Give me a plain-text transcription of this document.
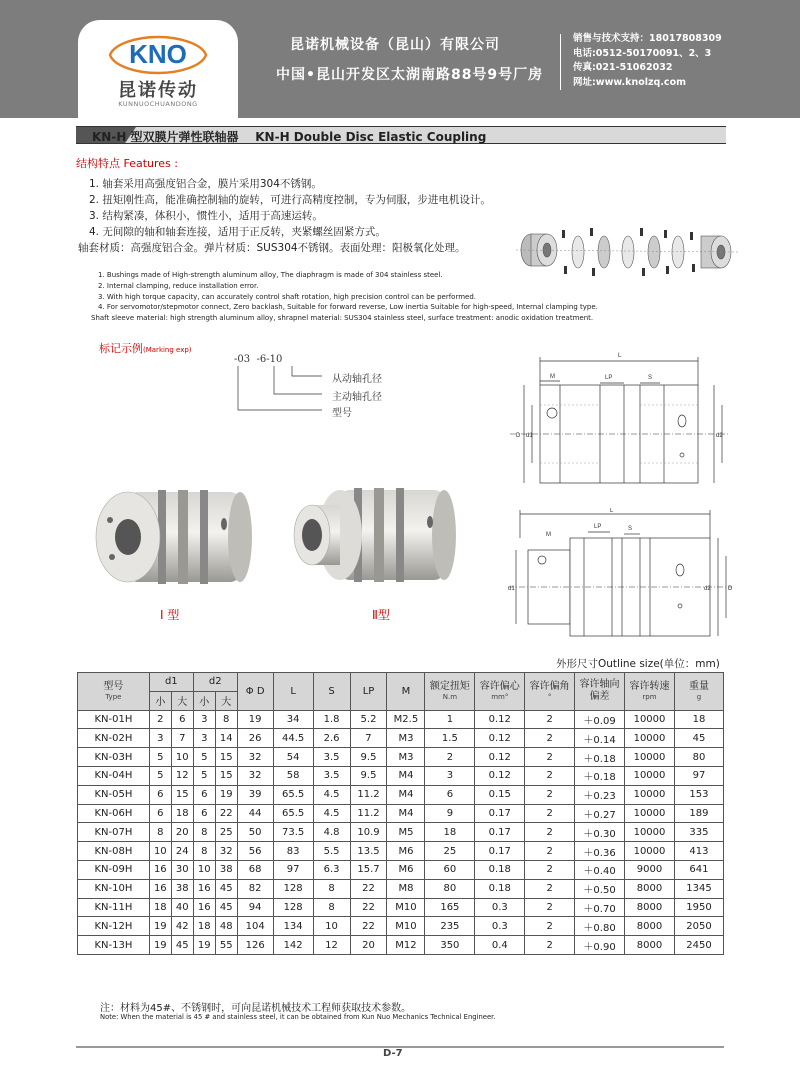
KNO
昆诺传动
KUNNUOCHUANDONG
昆诺机械设备（昆山）有限公司
中国•昆山开发区太湖南路88号9号厂房
销售与技术支持：18017808309
电话:0512-50170091、2、3
传真:021-51062032
网址:www.knolzq.com
KN-H 型双膜片弹性联轴器    KN-H Double Disc Elastic Coupling
结构特点 Features :
1. 轴套采用高强度铝合金，膜片采用304不锈钢。
2. 扭矩刚性高，能准确控制轴的旋转，可进行高精度控制，专为伺服，步进电机设计。
3. 结构紧凑，体积小，惯性小，适用于高速运转。
4. 无间隙的轴和轴套连接，适用于正反转，夹紧螺丝固紧方式。
轴套材质：高强度铝合金。弹片材质：SUS304不锈钢。表面处理：阳极氧化处理。
1. Bushings made of High-strength aluminum alloy, The diaphragm is made of 304 stainless steel.
2. Internal clamping, reduce installation error.
3. With high torque capacity, can accurately control shaft rotation, high precision control can be performed.
4. For servomotor/stepmotor connect, Zero backlash, Suitable for forward reverse, Low inertia Suitable for high-speed, Internal clamping type.
Shaft sleeve material: high strength aluminum alloy, shrapnel material: SUS304 stainless steel, surface treatment: anodic oxidation treatment.
标记示例(Marking exp)
-03  -6-10
从动轴孔径
主动轴孔径
型号
L
M	LP	S
D d1	d2
L
M
LP	S
d1	d2	D
Ⅰ 型	Ⅱ型
外形尺寸Outline size(单位：mm)
型号
Type	d1		d2		Φ D	L	S	LP	M	额定扭矩
N.m	容许偏心
mm°	容许偏角
°	容许轴向
偏差	容许转速
rpm	重量
g

	小	大	小	大											
KN-01H	2	6	3	8	19	34	1.8	5.2	M2.5	1	0.12	2	＋0.09	10000	18
KN-02H	3	7	3	14	26	44.5	2.6	7	M3	1.5	0.12	2	＋0.14	10000	45
KN-03H	5	10	5	15	32	54	3.5	9.5	M3	2	0.12	2	＋0.18	10000	80
KN-04H	5	12	5	15	32	58	3.5	9.5	M4	3	0.12	2	＋0.18	10000	97
KN-05H	6	15	6	19	39	65.5	4.5	11.2	M4	6	0.15	2	＋0.23	10000	153
KN-06H	6	18	6	22	44	65.5	4.5	11.2	M4	9	0.17	2	＋0.27	10000	189
KN-07H	8	20	8	25	50	73.5	4.8	10.9	M5	18	0.17	2	＋0.30	10000	335
KN-08H	10	24	8	32	56	83	5.5	13.5	M6	25	0.17	2	＋0.36	10000	413
KN-09H	16	30	10	38	68	97	6.3	15.7	M6	60	0.18	2	＋0.40	9000	641
KN-10H	16	38	16	45	82	128	8	22	M8	80	0.18	2	＋0.50	8000	1345
KN-11H	18	40	16	45	94	128	8	22	M10	165	0.3	2	＋0.70	8000	1950
KN-12H	19	42	18	48	104	134	10	22	M10	235	0.3	2	＋0.80	8000	2050
KN-13H	19	45	19	55	126	142	12	20	M12	350	0.4	2	＋0.90	8000	2450
注：材料为45#、不锈钢时，可向昆诺机械技术工程师获取技术参数。
Note: When the material is 45 # and stainless steel, it can be obtained from Kun Nuo Mechanics Technical Engineer.
D-7
